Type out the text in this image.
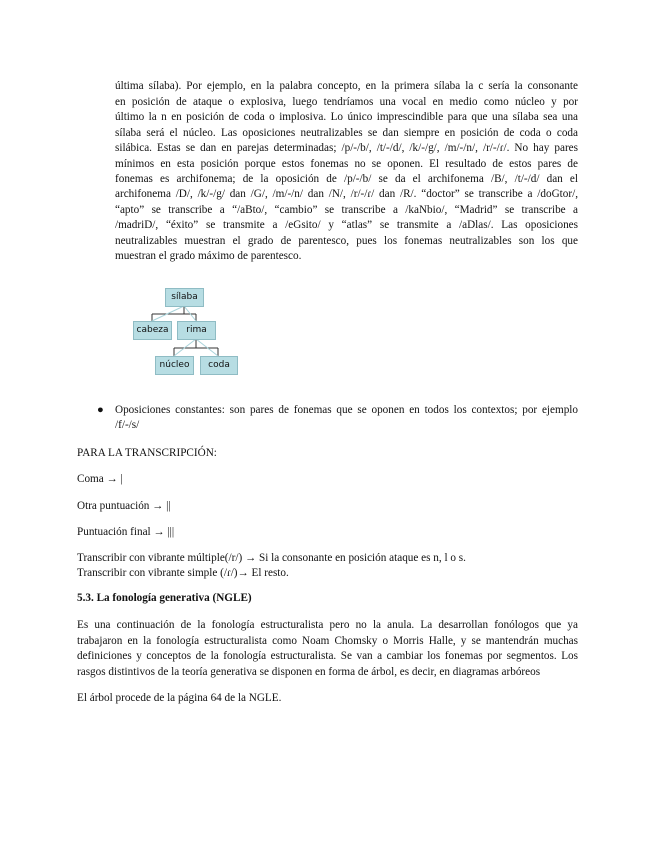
última sílaba). Por ejemplo, en la palabra concepto, en la primera sílaba la c sería la consonante
en posición de ataque o explosiva, luego tendríamos una vocal en medio como núcleo y por
último la n en posición de coda o implosiva. Lo único imprescindible para que una sílaba sea una
sílaba será el núcleo. Las oposiciones neutralizables se dan siempre en posición de coda o coda
silábica. Estas se dan en parejas determinadas; /p/-/b/, /t/-/d/, /k/-/g/, /m/-/n/, /r/-/ɾ/. No hay pares
mínimos en esta posición porque estos fonemas no se oponen. El resultado de estos pares de
fonemas es archifonema; de la oposición de /p/-/b/ se da el archifonema /B/, /t/-/d/ dan el
archifonema /D/, /k/-/g/ dan /G/, /m/-/n/ dan /N/, /r/-/ɾ/ dan /R/. “doctor” se transcribe a /doGtor/,
“apto” se transcribe a “/aBto/, “cambio” se transcribe a /kaNbio/, “Madrid” se transcribe a
/madriD/, “éxito” se transmite a /eGsito/ y “atlas” se transmite a /aDlas/. Las oposiciones
neutralizables muestran el grado de parentesco, pues los fonemas neutralizables son los que
muestran el grado máximo de parentesco.
sílaba
cabeza	rima
núcleo	coda
● Oposiciones constantes: son pares de fonemas que se oponen en todos los contextos; por ejemplo
/f/-/s/
PARA LA TRANSCRIPCIÓN:
Coma → |
Otra puntuación → ||
Puntuación final → |||
Transcribir con vibrante múltiple(/r/) → Si la consonante en posición ataque es n, l o s.
Transcribir con vibrante simple (/ɾ/)→ El resto.
5.3. La fonología generativa (NGLE)
Es una continuación de la fonología estructuralista pero no la anula. La desarrollan fonólogos que ya
trabajaron en la fonología estructuralista como Noam Chomsky o Morris Halle, y se mantendrán muchas
definiciones y conceptos de la fonología estructuralista. Se van a cambiar los fonemas por segmentos. Los
rasgos distintivos de la teoría generativa se disponen en forma de árbol, es decir, en diagramas arbóreos
El árbol procede de la página 64 de la NGLE.
